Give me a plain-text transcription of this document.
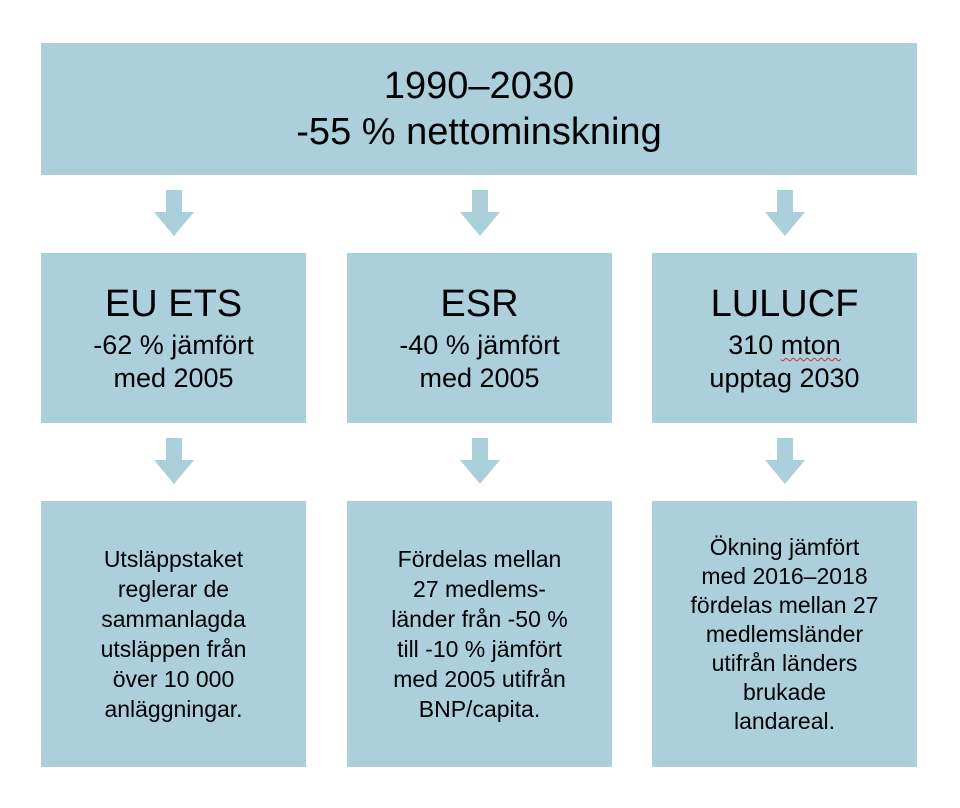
1990–2030
-55 % nettominskning
EU ETS
-62 % jämfört
med 2005
ESR
-40 % jämfört
med 2005
LULUCF
310 mton
upptag 2030
Utsläppstaket
reglerar de
sammanlagda
utsläppen från
över 10 000
anläggningar.
Fördelas mellan
27 medlems-
länder från -50 %
till -10 % jämfört
med 2005 utifrån
BNP/capita.
Ökning jämfört
med 2016–2018
fördelas mellan 27
medlemsländer
utifrån länders
brukade
landareal.
